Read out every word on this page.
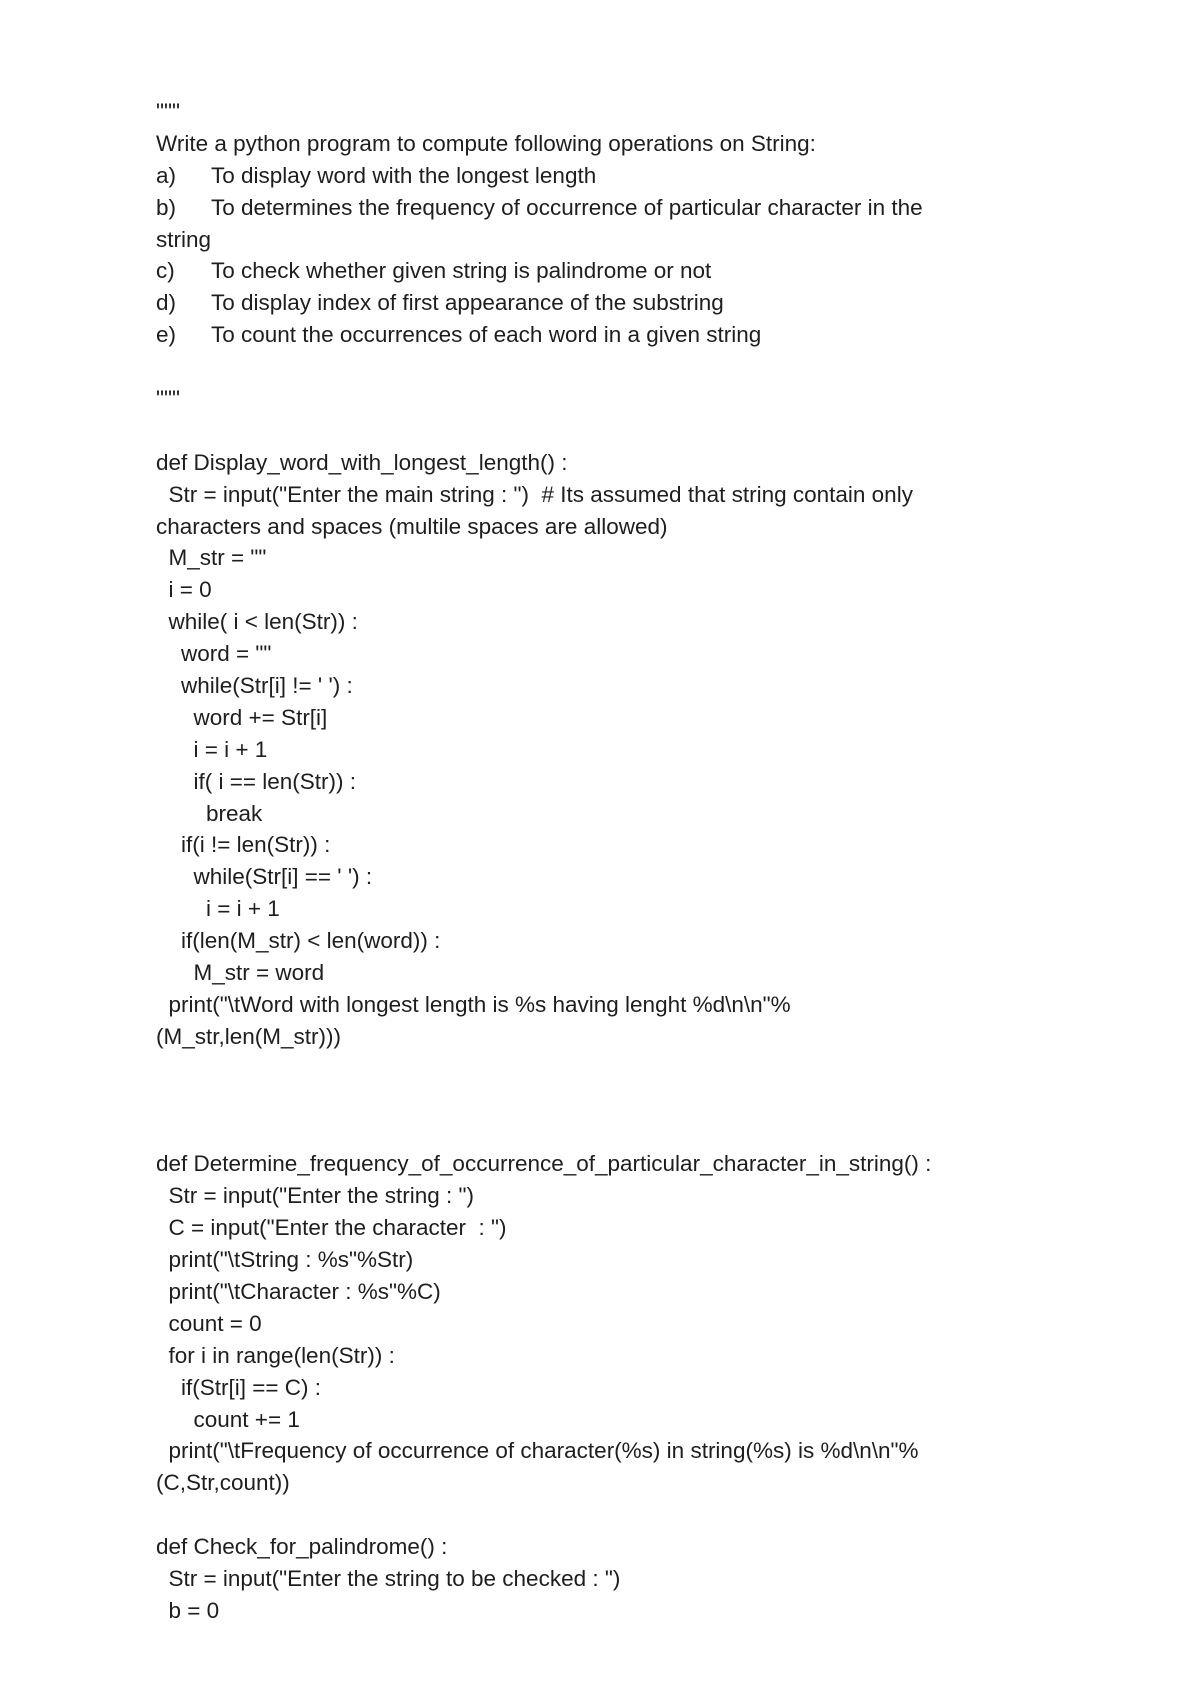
"""
Write a python program to compute following operations on String:
a) To display word with the longest length
b) To determines the frequency of occurrence of particular character in the
string
c) To check whether given string is palindrome or not
d) To display index of first appearance of the substring
e) To count the occurrences of each word in a given string
"""
def Display_word_with_longest_length() :
Str = input("Enter the main string : ")  # Its assumed that string contain only
characters and spaces (multile spaces are allowed)
M_str = ""
i = 0
while( i < len(Str)) :
word = ""
while(Str[i] != ' ') :
word += Str[i]
i = i + 1
if( i == len(Str)) :
break
if(i != len(Str)) :
while(Str[i] == ' ') :
i = i + 1
if(len(M_str) < len(word)) :
M_str = word
print("\tWord with longest length is %s having lenght %d\n\n"%
(M_str,len(M_str)))
def Determine_frequency_of_occurrence_of_particular_character_in_string() :
Str = input("Enter the string : ")
C = input("Enter the character  : ")
print("\tString : %s"%Str)
print("\tCharacter : %s"%C)
count = 0
for i in range(len(Str)) :
if(Str[i] == C) :
count += 1
print("\tFrequency of occurrence of character(%s) in string(%s) is %d\n\n"%
(C,Str,count))
def Check_for_palindrome() :
Str = input("Enter the string to be checked : ")
b = 0
